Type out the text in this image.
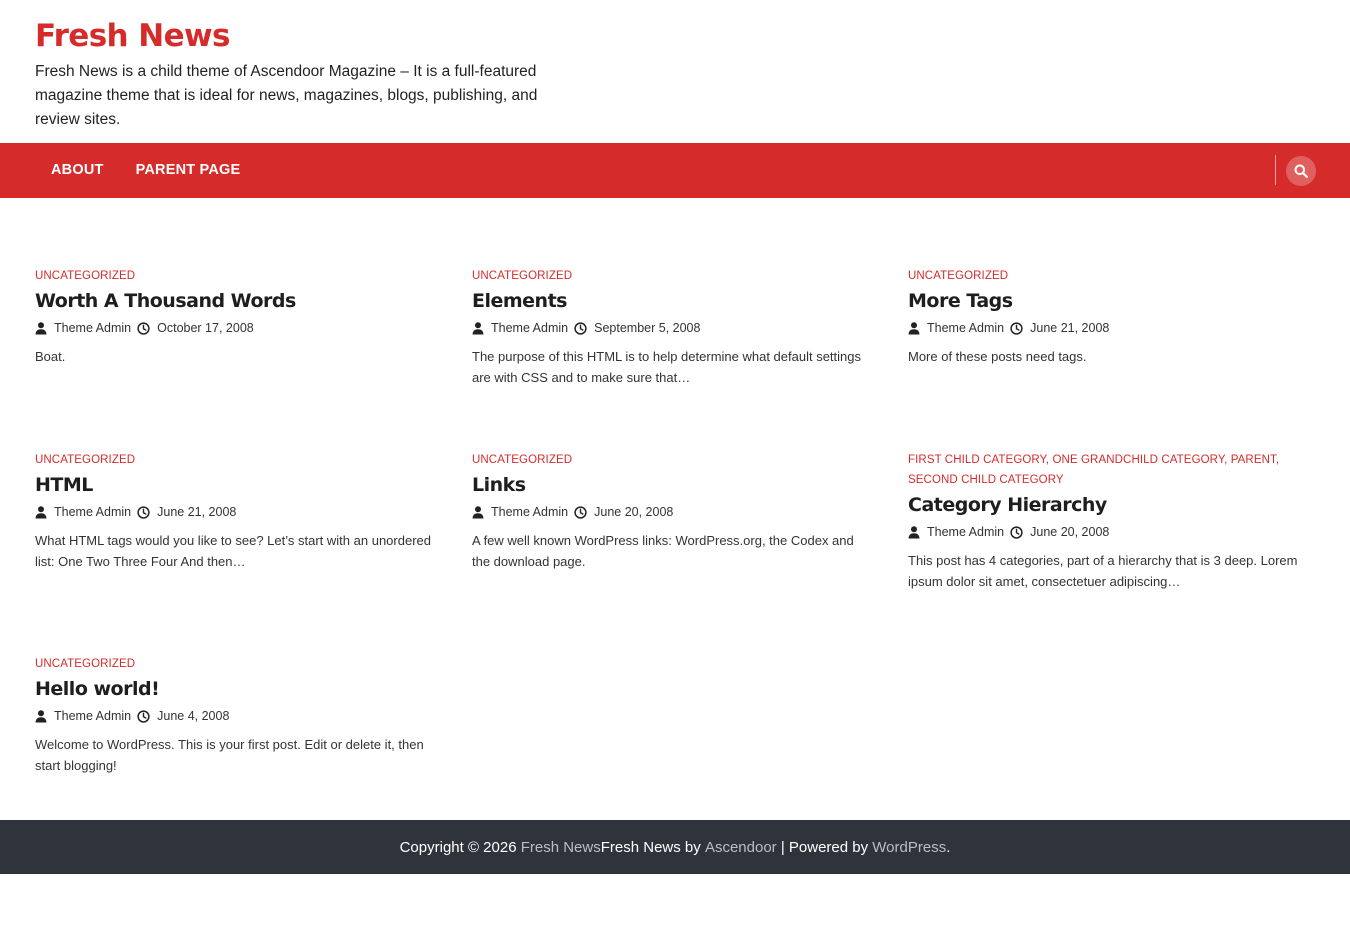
Fresh News
Fresh News is a child theme of Ascendoor Magazine – It is a full-featured magazine theme that is ideal for news, magazines, blogs, publishing, and review sites.
ABOUT	PARENT PAGE
UNCATEGORIZED
Worth A Thousand Words
Theme Admin October 17, 2008
Boat.
UNCATEGORIZED
Elements
Theme Admin September 5, 2008
The purpose of this HTML is to help determine what default settings are with CSS and to make sure that…
UNCATEGORIZED
More Tags
Theme Admin June 21, 2008
More of these posts need tags.
UNCATEGORIZED
HTML
Theme Admin June 21, 2008
What HTML tags would you like to see? Let’s start with an unordered list: One Two Three Four And then…
UNCATEGORIZED
Links
Theme Admin June 20, 2008
A few well known WordPress links: WordPress.org, the Codex and the download page.
FIRST CHILD CATEGORY, ONE GRANDCHILD CATEGORY, PARENT,
SECOND CHILD CATEGORY
Category Hierarchy
Theme Admin June 20, 2008
This post has 4 categories, part of a hierarchy that is 3 deep. Lorem ipsum dolor sit amet, consectetuer adipiscing…
UNCATEGORIZED
Hello world!
Theme Admin June 4, 2008
Welcome to WordPress. This is your first post. Edit or delete it, then start blogging!
Copyright © 2026 Fresh News Fresh News by Ascendoor | Powered by WordPress .
